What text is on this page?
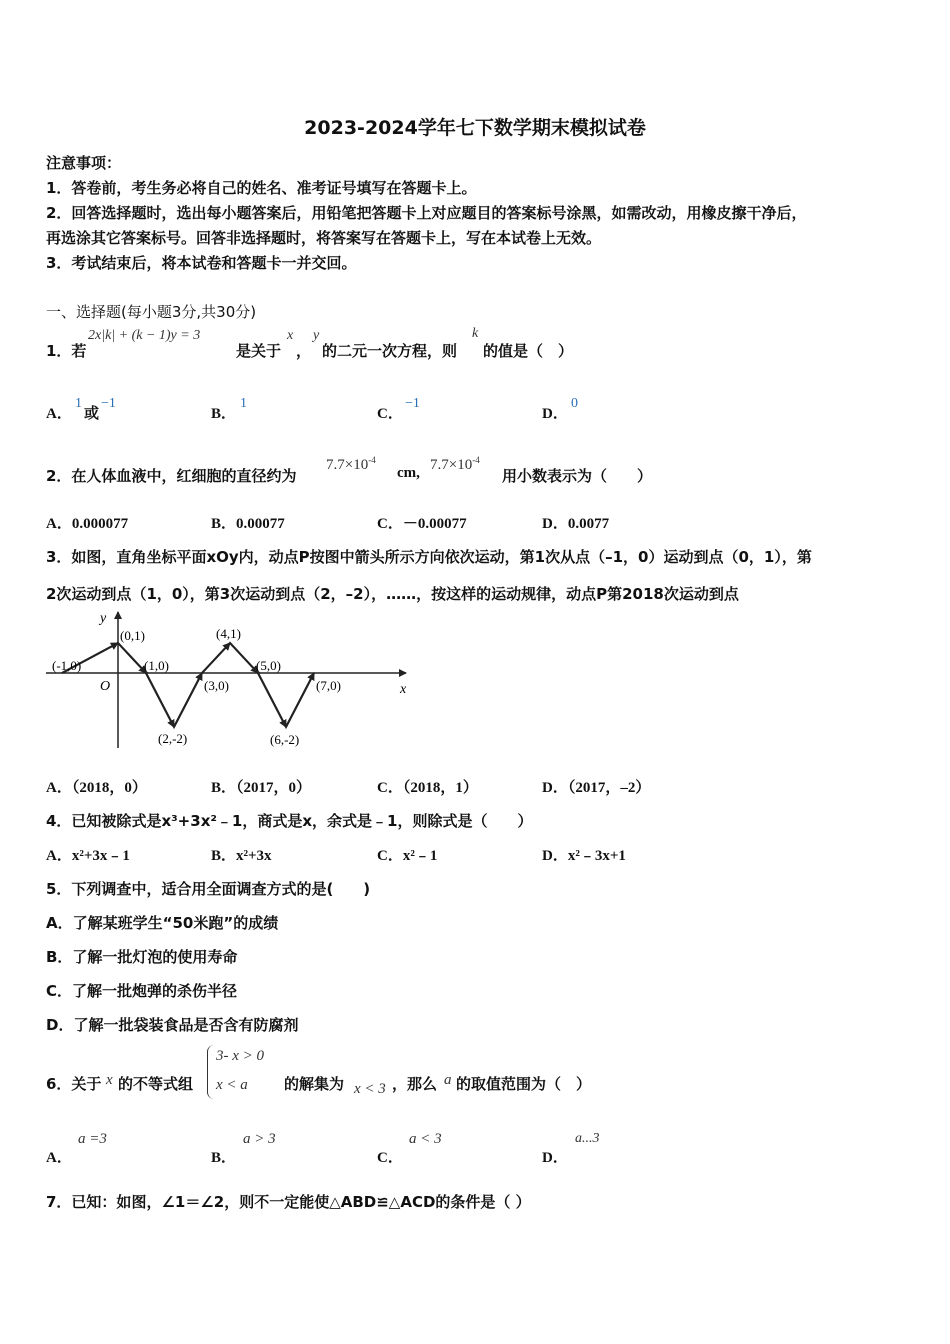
2023-2024学年七下数学期末模拟试卷
注意事项：
1．答卷前，考生务必将自己的姓名、准考证号填写在答题卡上。
2．回答选择题时，选出每小题答案后，用铅笔把答题卡上对应题目的答案标号涂黑，如需改动，用橡皮擦干净后，
再选涂其它答案标号。回答非选择题时，将答案写在答题卡上，写在本试卷上无效。
3．考试结束后，将本试卷和答题卡一并交回。
一、选择题(每小题3分,共30分)
1．若
2x|k| + (k − 1)y = 3
是关于
x
，
y
的二元一次方程，则
k
的值是（　）
A．
1
或
−1
B．
1
C．
−1
D．
0
2．在人体血液中，红细胞的直径约为
$7.7\times 10^{-4}$
cm, $7.7\times 10^{-4}$
用小数表示为（　　）
A．0.000077	B．0.00077	C．－0.00077	D．0.0077
3．如图，直角坐标平面xOy内，动点P按图中箭头所示方向依次运动，第1次从点（–1，0）运动到点（0，1），第
2次运动到点（1，0），第3次运动到点（2，–2），……，按这样的运动规律，动点P第2018次运动到点
y
x
O
(-1,0)
(0,1)
(1,0)
(2,-2)
(3,0)
(4,1)
(5,0)
(6,-2)
(7,0)
A．（2018，0）	B．（2017，0）	C．（2018，1）	D．（2017，–2）
4．已知被除式是x³+3x²﹣1，商式是x，余式是﹣1，则除式是（　　）
A．x²+3x﹣1	B．x²+3x	C．x²﹣1	D．x²﹣3x+1
5．下列调查中，适合用全面调查方式的是(　　)
A．了解某班学生“50米跑”的成绩
B．了解一批灯泡的使用寿命
C．了解一批炮弹的杀伤半径
D．了解一批袋装食品是否含有防腐剂
6．关于 x 的不等式组
3- x > 0
x < a 的解集为 x < 3 ，那么 a 的取值范围为（　）
A．
a =3
B．
a > 3
C．
a < 3
D．
a...3
7．已知：如图，∠1＝∠2，则不一定能使△ABD≌△ACD的条件是（ ）
